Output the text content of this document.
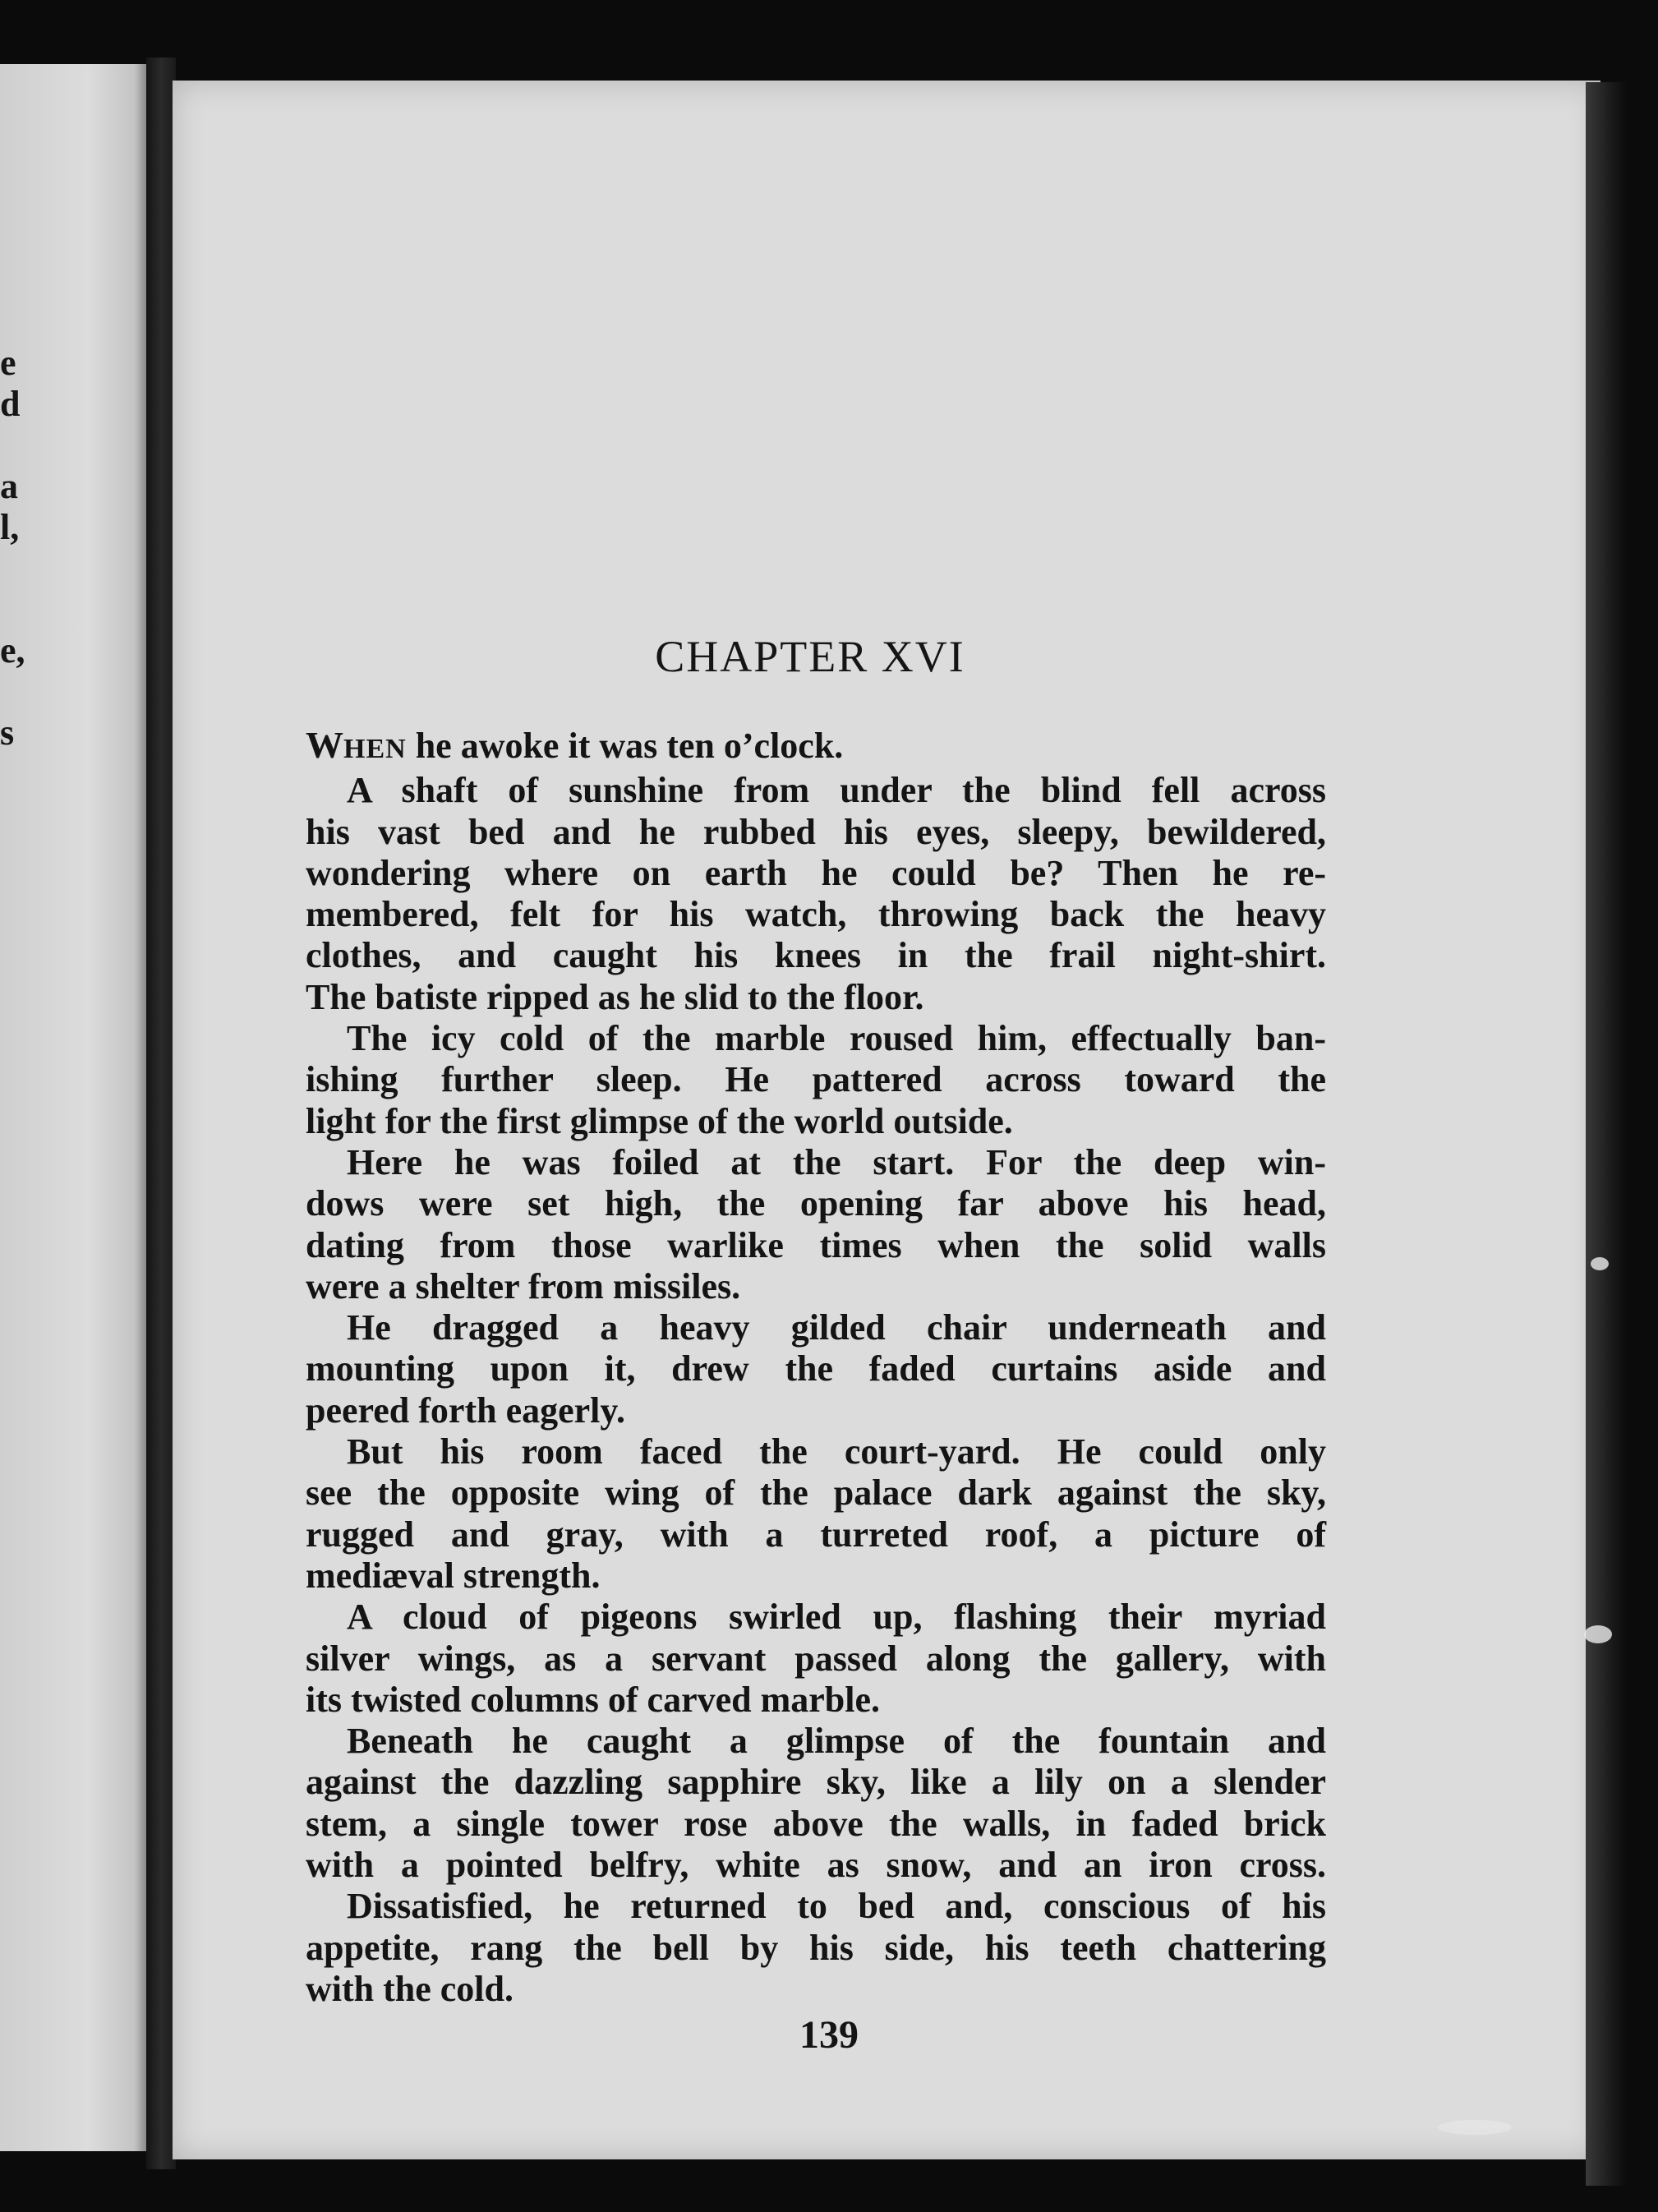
e
d
a
l,
e,
s
CHAPTER XVI
WHEN he awoke it was ten o’clock.
A shaft of sunshine from under the blind fell across
his vast bed and he rubbed his eyes, sleepy, bewildered,
wondering where on earth he could be? Then he re-
membered, felt for his watch, throwing back the heavy
clothes, and caught his knees in the frail night-shirt.
The batiste ripped as he slid to the floor.
The icy cold of the marble roused him, effectually ban-
ishing further sleep. He pattered across toward the
light for the first glimpse of the world outside.
Here he was foiled at the start. For the deep win-
dows were set high, the opening far above his head,
dating from those warlike times when the solid walls
were a shelter from missiles.
He dragged a heavy gilded chair underneath and
mounting upon it, drew the faded curtains aside and
peered forth eagerly.
But his room faced the court-yard. He could only
see the opposite wing of the palace dark against the sky,
rugged and gray, with a turreted roof, a picture of
mediæval strength.
A cloud of pigeons swirled up, flashing their myriad
silver wings, as a servant passed along the gallery, with
its twisted columns of carved marble.
Beneath he caught a glimpse of the fountain and
against the dazzling sapphire sky, like a lily on a slender
stem, a single tower rose above the walls, in faded brick
with a pointed belfry, white as snow, and an iron cross.
Dissatisfied, he returned to bed and, conscious of his
appetite, rang the bell by his side, his teeth chattering
with the cold.
139
